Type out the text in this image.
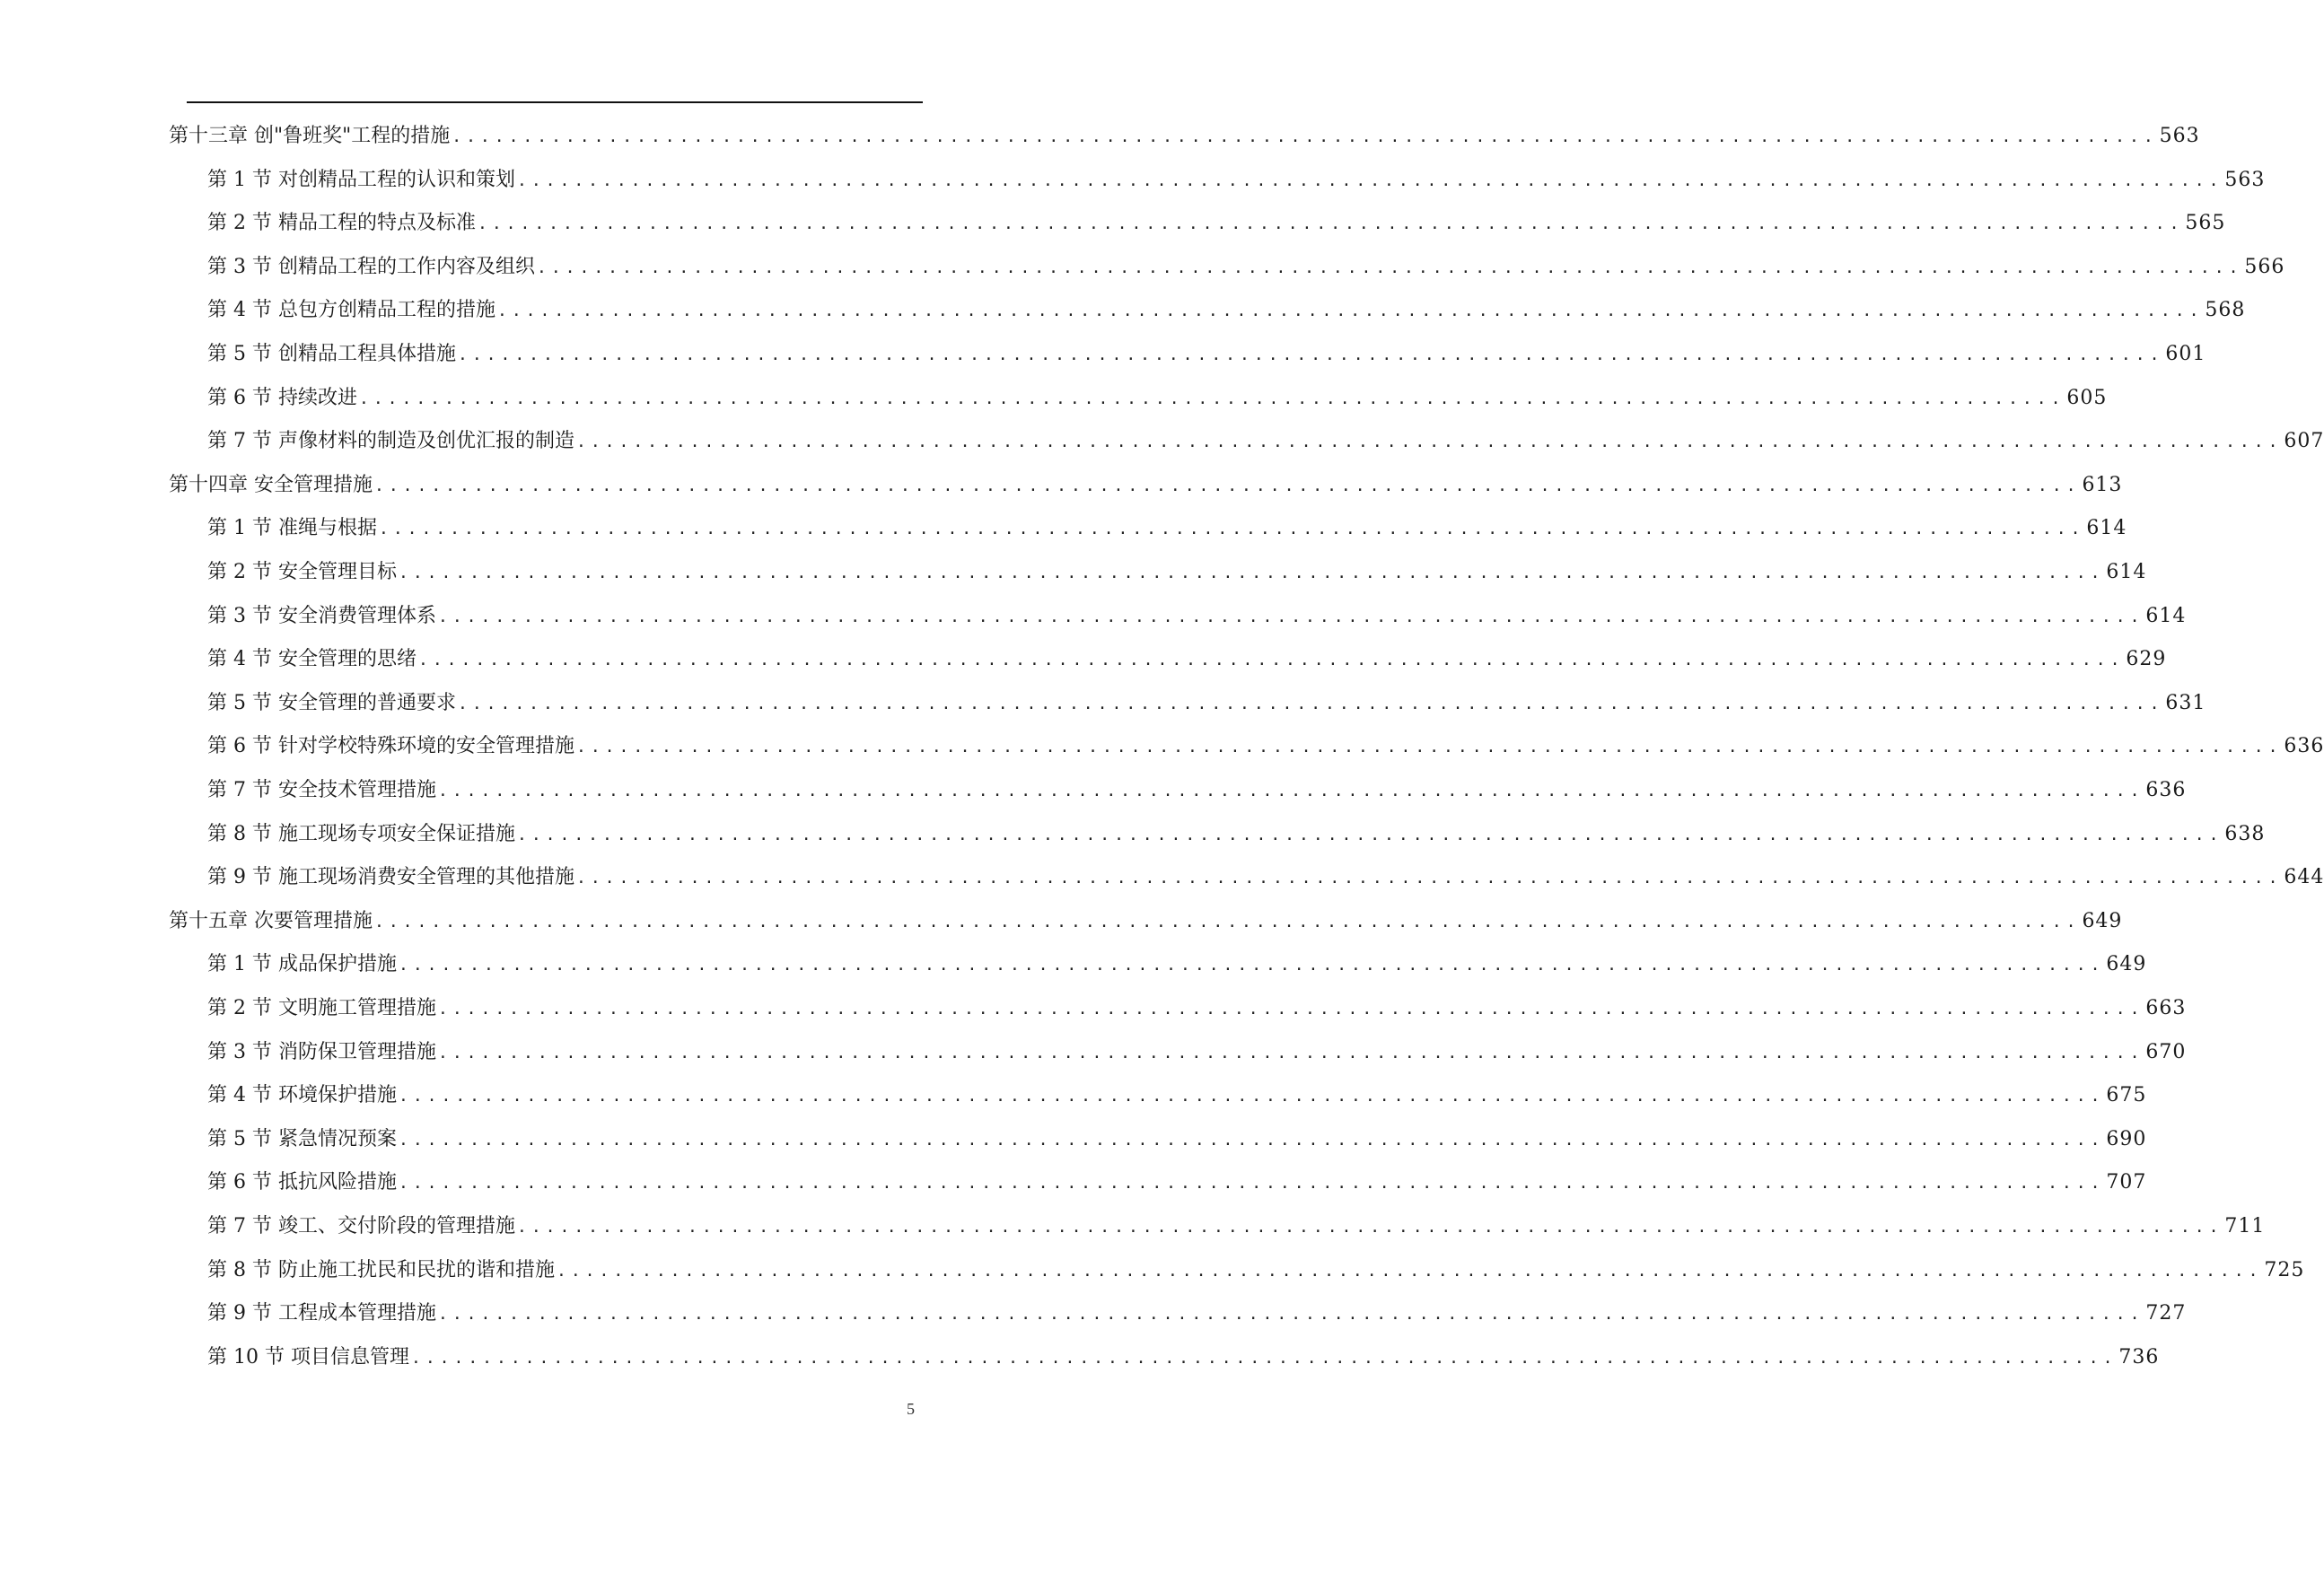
第十三章 创"鲁班奖"工程的措施 ........................................................................................................................ 563
第 1 节 对创精品工程的认识和策划 ........................................................................................................................ 563
第 2 节 精品工程的特点及标准 ........................................................................................................................ 565
第 3 节 创精品工程的工作内容及组织 ........................................................................................................................ 566
第 4 节 总包方创精品工程的措施 ........................................................................................................................ 568
第 5 节 创精品工程具体措施 ........................................................................................................................ 601
第 6 节 持续改进 ........................................................................................................................ 605
第 7 节 声像材料的制造及创优汇报的制造 ........................................................................................................................ 607
第十四章 安全管理措施 ........................................................................................................................ 613
第 1 节 准绳与根据 ........................................................................................................................ 614
第 2 节 安全管理目标 ........................................................................................................................ 614
第 3 节 安全消费管理体系 ........................................................................................................................ 614
第 4 节 安全管理的思绪 ........................................................................................................................ 629
第 5 节 安全管理的普通要求 ........................................................................................................................ 631
第 6 节 针对学校特殊环境的安全管理措施 ........................................................................................................................ 636
第 7 节 安全技术管理措施 ........................................................................................................................ 636
第 8 节 施工现场专项安全保证措施 ........................................................................................................................ 638
第 9 节 施工现场消费安全管理的其他措施 ........................................................................................................................ 644
第十五章 次要管理措施 ........................................................................................................................ 649
第 1 节 成品保护措施 ........................................................................................................................ 649
第 2 节 文明施工管理措施 ........................................................................................................................ 663
第 3 节 消防保卫管理措施 ........................................................................................................................ 670
第 4 节 环境保护措施 ........................................................................................................................ 675
第 5 节 紧急情况预案 ........................................................................................................................ 690
第 6 节 抵抗风险措施 ........................................................................................................................ 707
第 7 节 竣工、交付阶段的管理措施 ........................................................................................................................ 711
第 8 节 防止施工扰民和民扰的谐和措施 ........................................................................................................................ 725
第 9 节 工程成本管理措施 ........................................................................................................................ 727
第 10 节 项目信息管理 ........................................................................................................................ 736
5
